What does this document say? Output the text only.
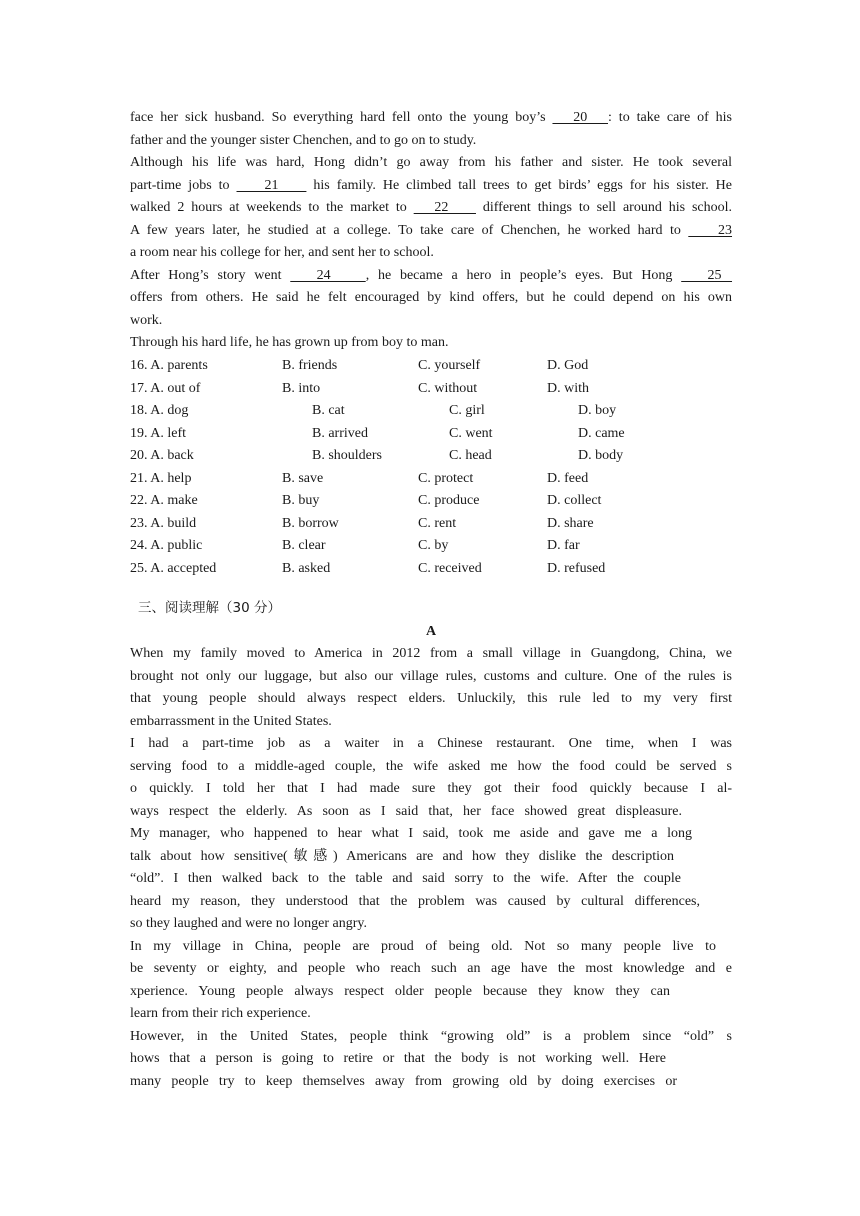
face her sick husband. So everything hard fell onto the young boy’s    20   : to take care of his
father and the younger sister Chenchen, and to go on to study.
Although his life was hard, Hong didn’t go away from his father and sister. He took several
part-time jobs to     21     his family. He climbed tall trees to get birds’ eggs for his sister. He
walked 2 hours at weekends to the market to    22     different things to sell around his school.
A few years later, he studied at a college. To take care of Chenchen, he worked hard to     23
a room near his college for her, and sent her to school.
After Hong’s story went    24    , he became a hero in people’s eyes. But Hong    25
offers from others. He said he felt encouraged by kind offers, but he could depend on his own
work.
Through his hard life, he has grown up from boy to man.
16. A. parents	B. friends	C. yourself	D. God
17. A. out of	B. into	C. without	D. with
18. A. dog	B. cat	C. girl	D. boy
19. A. left	B. arrived	C. went	D. came
20. A. back	B. shoulders	C. head	D. body
21. A. help	B. save	C. protect	D. feed
22. A. make	B. buy	C. produce	D. collect
23. A. build	B. borrow	C. rent	D. share
24. A. public	B. clear	C. by	D. far
25. A. accepted	B. asked	C. received	D. refused
三、阅读理解（30 分）
A
When my family moved to America in 2012 from a small village in Guangdong, China, we
brought not only our luggage, but also our village rules, customs and culture. One of the rules is
that young people should always respect elders. Unluckily, this rule led to my very first
embarrassment in the United States.
I had a part-time job as a waiter in a Chinese restaurant. One time, when I was
serving food to a middle-aged couple, the wife asked me how the food could be served s
o quickly. I told her that I had made sure they got their food quickly because I al-
ways respect the elderly. As soon as I said that, her face showed great displeasure.
My manager, who happened to hear what I said, took me aside and gave me a long
talk about how sensitive(敏感) Americans are and how they dislike the description
“old”. I then walked back to the table and said sorry to the wife. After the couple
heard my reason, they understood that the problem was caused by cultural differences,
so they laughed and were no longer angry.
In my village in China, people are proud of being old. Not so many people live to
be seventy or eighty, and people who reach such an age have the most knowledge and e
xperience. Young people always respect older people because they know they can
learn from their rich experience.
However, in the United States, people think “growing old” is a problem since “old” s
hows that a person is going to retire or that the body is not working well. Here
many people try to keep themselves away from growing old by doing exercises or
